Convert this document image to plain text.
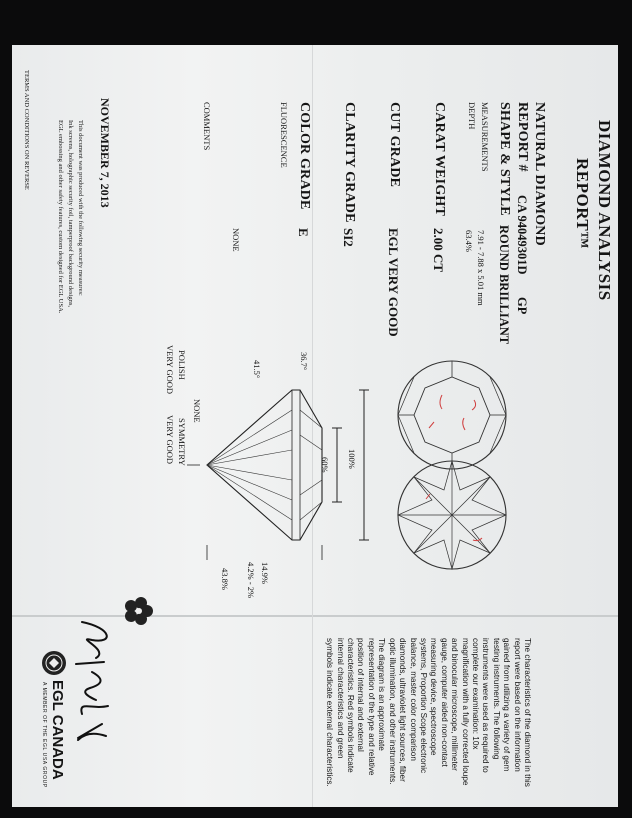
DIAMOND ANALYSIS
REPORT™
NATURAL DIAMOND
REPORT #
CA 94049301D
GP
SHAPE & STYLE
ROUND BRILLIANT
MEASUREMENTS
7.91 - 7.88 x 5.01 mm
DEPTH
63.4%
CARAT WEIGHT
2.00 CT
CUT GRADE
EGL VERY GOOD
CLARITY GRADE
SI2
COLOR GRADE
E
FLUORESCENCE
NONE
COMMENTS
NOVEMBER 7, 2013
This document was produced with the following security measures:
Ink screens, holographic security foil, tamperproof background designs,
EGL embossing and other safety features, custom designed for EGL USA.
TERMS AND CONDITIONS ON REVERSE
100%
60%
36.7°
41.5°
14.9%
4.2% - 2%
43.8%
NONE
POLISH
VERY GOOD
SYMMETRY
VERY GOOD
The characteristics of the diamond in this report were based on the information gained from utilizing a variety of gem testing instruments. The following instruments were used as required to complete our examination: 10x magnification with a fully corrected loupe and binocular microscope, millimeter gauge, computer aided non-contact measuring device, spectroscope systems, Proportion Scope electronic balance, master color comparison diamonds, ultraviolet light sources, fiber optic illumination, and other instruments. The diagram is an approximate representation of the type and relative position of internal and external characteristics. Red symbols indicate internal characteristics and green symbols indicate external characteristics.
EGL CANADA
A MEMBER OF THE EGL USA GROUP
